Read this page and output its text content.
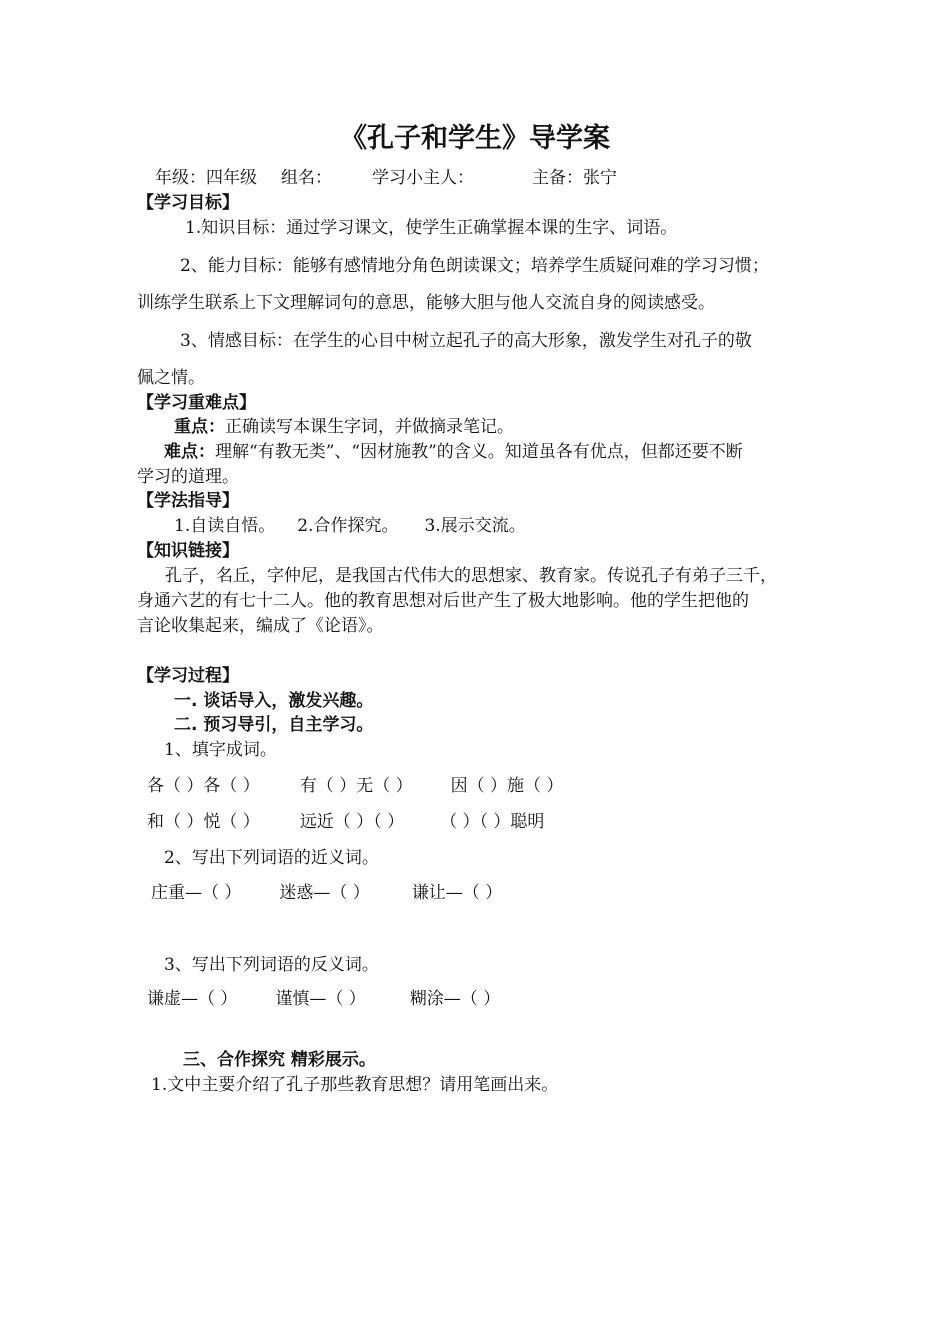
《孔子和学生》导学案
年级：四年级 组名： 学习小主人：	主备：张宁
【学习目标】
1.知识目标：通过学习课文，使学生正确掌握本课的生字、词语。
2、能力目标：能够有感情地分角色朗读课文；培养学生质疑问难的学习习惯；
训练学生联系上下文理解词句的意思，能够大胆与他人交流自身的阅读感受。
3、情感目标：在学生的心目中树立起孔子的高大形象，激发学生对孔子的敬
佩之情。
【学习重难点】
重点：正确读写本课生字词，并做摘录笔记。
难点：理解“有教无类”、“因材施教”的含义。知道虽各有优点，但都还要不断
学习的道理。
【学法指导】
1.自读自悟。 2.合作探究。 3.展示交流。
【知识链接】
孔子，名丘，字仲尼，是我国古代伟大的思想家、教育家。传说孔子有弟子三千，
身通六艺的有七十二人。他的教育思想对后世产生了极大地影响。他的学生把他的
言论收集起来，编成了《论语》。
【学习过程】
一. 谈话导入，激发兴趣。
二. 预习导引，自主学习。
1、填字成词。
各（ ）各（ ） 有（ ）无（ ） 因（ ）施（ ）
和（ ）悦（ ） 远近（ ）（ ） （ ）（ ）聪明
2、写出下列词语的近义词。
庄重—（ ） 迷惑—（ ） 谦让—（ ）
3、写出下列词语的反义词。
谦虚—（ ） 谨慎—（ ）	糊涂—（ ）
三、合作探究 精彩展示。
1.文中主要介绍了孔子那些教育思想？请用笔画出来。
